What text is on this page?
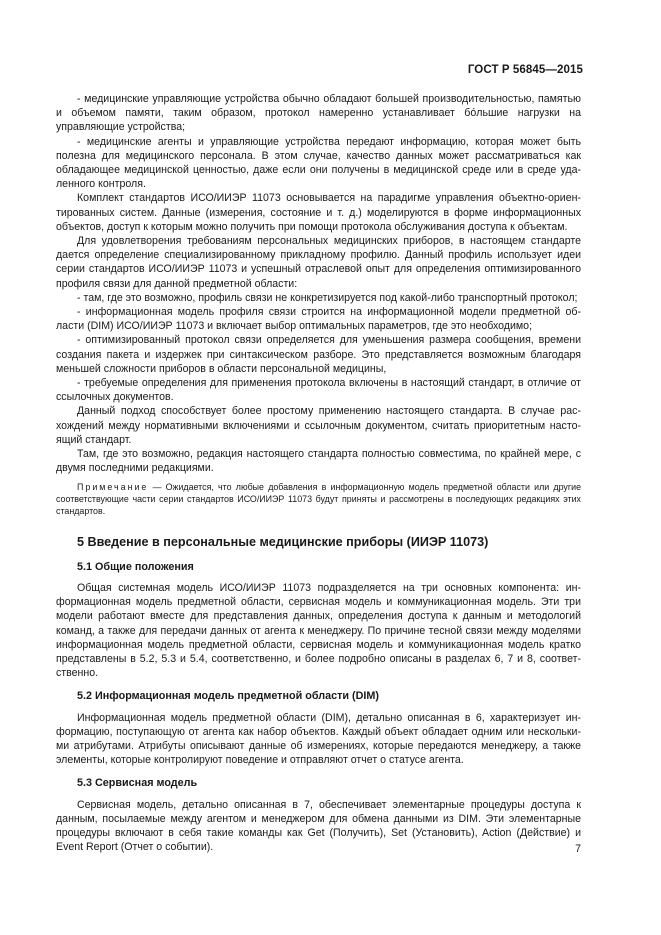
ГОСТ Р 56845—2015

- медицинские управляющие устройства обычно обладают большей производительностью, памятью и объемом памяти, таким образом, протокол намеренно устанавливает бóльшие нагрузки на управляющие устройства;

- медицинские агенты и управляющие устройства передают информацию, которая может быть полезна для медицинского персонала. В этом случае, качество данных может рассматриваться как обладающее медицинской ценностью, даже если они получены в медицинской среде или в среде удаленного контроля.

Комплект стандартов ИСО/ИИЭР 11073 основывается на парадигме управления объектно-ориентированных систем. Данные (измерения, состояние и т. д.) моделируются в форме информационных объектов, доступ к которым можно получить при помощи протокола обслуживания доступа к объектам.

Для удовлетворения требованиям персональных медицинских приборов, в настоящем стандарте дается определение специализированному прикладному профилю. Данный профиль использует идеи серии стандартов ИСО/ИИЭР 11073 и успешный отраслевой опыт для определения оптимизированного профиля связи для данной предметной области:

- там, где это возможно, профиль связи не конкретизируется под какой-либо транспортный протокол;

- информационная модель профиля связи строится на информационной модели предметной области (DIM) ИСО/ИИЭР 11073 и включает выбор оптимальных параметров, где это необходимо;

- оптимизированный протокол связи определяется для уменьшения размера сообщения, времени создания пакета и издержек при синтаксическом разборе. Это представляется возможным благодаря меньшей сложности приборов в области персональной медицины,

- требуемые определения для применения протокола включены в настоящий стандарт, в отличие от ссылочных документов.

Данный подход способствует более простому применению настоящего стандарта. В случае расхождений между нормативными включениями и ссылочным документом, считать приоритетным настоящий стандарт.

Там, где это возможно, редакция настоящего стандарта полностью совместима, по крайней мере, с двумя последними редакциями.

Примечание — Ожидается, что любые добавления в информационную модель предметной области или другие соответствующие части серии стандартов ИСО/ИИЭР 11073 будут приняты и рассмотрены в последующих редакциях этих стандартов.

5 Введение в персональные медицинские приборы (ИИЭР 11073)
5.1 Общие положения

Общая системная модель ИСО/ИИЭР 11073 подразделяется на три основных компонента: информационная модель предметной области, сервисная модель и коммуникационная модель. Эти три модели работают вместе для представления данных, определения доступа к данным и методологий команд, а также для передачи данных от агента к менеджеру. По причине тесной связи между моделями информационная модель предметной области, сервисная модель и коммуникационная модель кратко представлены в 5.2, 5.3 и 5.4, соответственно, и более подробно описаны в разделах 6, 7 и 8, соответственно.

5.2 Информационная модель предметной области (DIM)

Информационная модель предметной области (DIM), детально описанная в 6, характеризует информацию, поступающую от агента как набор объектов. Каждый объект обладает одним или несколькими атрибутами. Атрибуты описывают данные об измерениях, которые передаются менеджеру, а также элементы, которые контролируют поведение и отправляют отчет о статусе агента.

5.3 Сервисная модель

Сервисная модель, детально описанная в 7, обеспечивает элементарные процедуры доступа к данным, посылаемые между агентом и менеджером для обмена данными из DIM. Эти элементарные процедуры включают в себя такие команды как Get (Получить), Set (Установить), Action (Действие) и Event Report (Отчет о событии).	7
